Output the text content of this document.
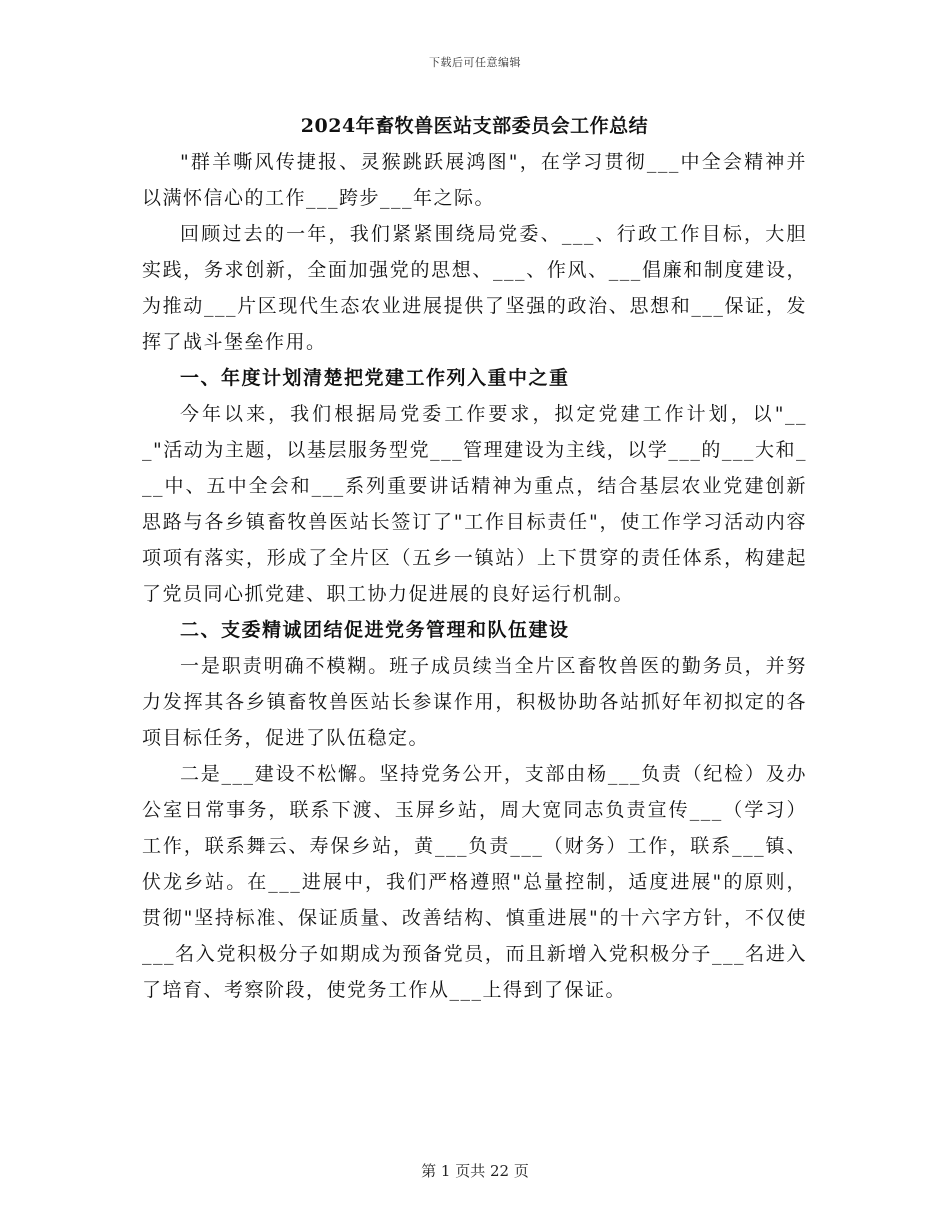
下载后可任意编辑
2024年畜牧兽医站支部委员会工作总结

"群羊嘶风传捷报、灵猴跳跃展鸿图"，在学习贯彻___中全会精神并以满怀信心的工作___跨步___年之际。

回顾过去的一年，我们紧紧围绕局党委、___、行政工作目标，大胆实践，务求创新，全面加强党的思想、___、作风、___倡廉和制度建设，为推动___片区现代生态农业进展提供了坚强的政治、思想和___保证，发挥了战斗堡垒作用。

一、年度计划清楚把党建工作列入重中之重

今年以来，我们根据局党委工作要求，拟定党建工作计划，以"___"活动为主题，以基层服务型党___管理建设为主线，以学___的___大和___中、五中全会和___系列重要讲话精神为重点，结合基层农业党建创新思路与各乡镇畜牧兽医站长签订了"工作目标责任"，使工作学习活动内容项项有落实，形成了全片区（五乡一镇站）上下贯穿的责任体系，构建起了党员同心抓党建、职工协力促进展的良好运行机制。

二、支委精诚团结促进党务管理和队伍建设

一是职责明确不模糊。班子成员续当全片区畜牧兽医的勤务员，并努力发挥其各乡镇畜牧兽医站长参谋作用，积极协助各站抓好年初拟定的各项目标任务，促进了队伍稳定。

二是___建设不松懈。坚持党务公开，支部由杨___负责（纪检）及办公室日常事务，联系下渡、玉屏乡站，周大宽同志负责宣传___（学习）工作，联系舞云、寿保乡站，黄___负责___（财务）工作，联系___镇、伏龙乡站。在___进展中，我们严格遵照"总量控制，适度进展"的原则，贯彻"坚持标准、保证质量、改善结构、慎重进展"的十六字方针，不仅使___名入党积极分子如期成为预备党员，而且新增入党积极分子___名进入了培育、考察阶段，使党务工作从___上得到了保证。

第 1 页共 22 页
